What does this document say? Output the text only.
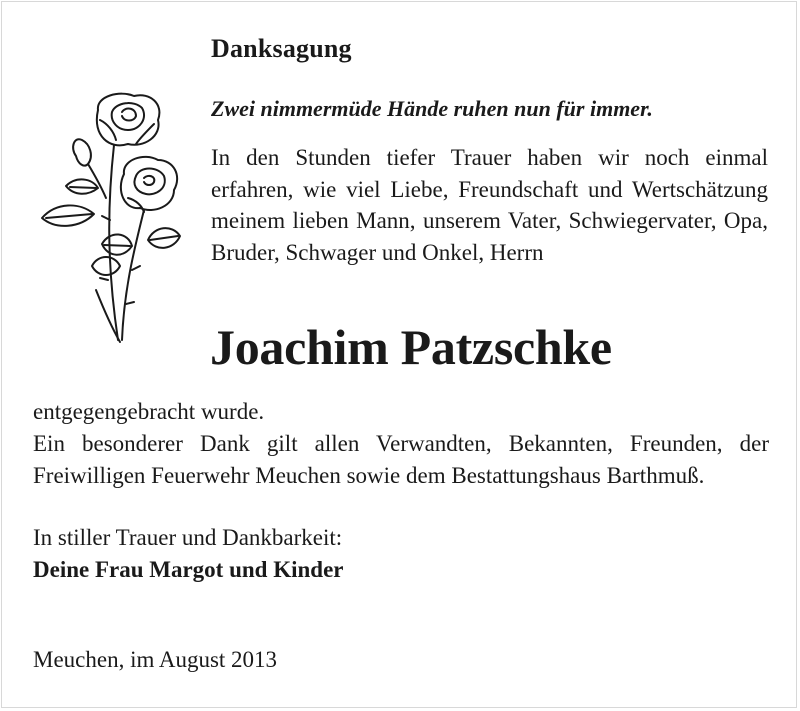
Danksagung
Zwei nimmermüde Hände ruhen nun für immer.
In den Stunden tiefer Trauer haben wir noch einmal erfahren, wie viel Liebe, Freundschaft und Wertschätzung meinem lieben Mann, unserem Vater, Schwiegervater, Opa, Bruder, Schwager und Onkel, Herrn
Joachim Patzschke

entgegengebracht wurde.

Ein besonderer Dank gilt allen Verwandten, Bekannten, Freunden, der Freiwilligen Feuerwehr Meuchen sowie dem Bestattungshaus Barthmuß.

In stiller Trauer und Dankbarkeit:

Deine Frau Margot und Kinder

Meuchen, im August 2013
